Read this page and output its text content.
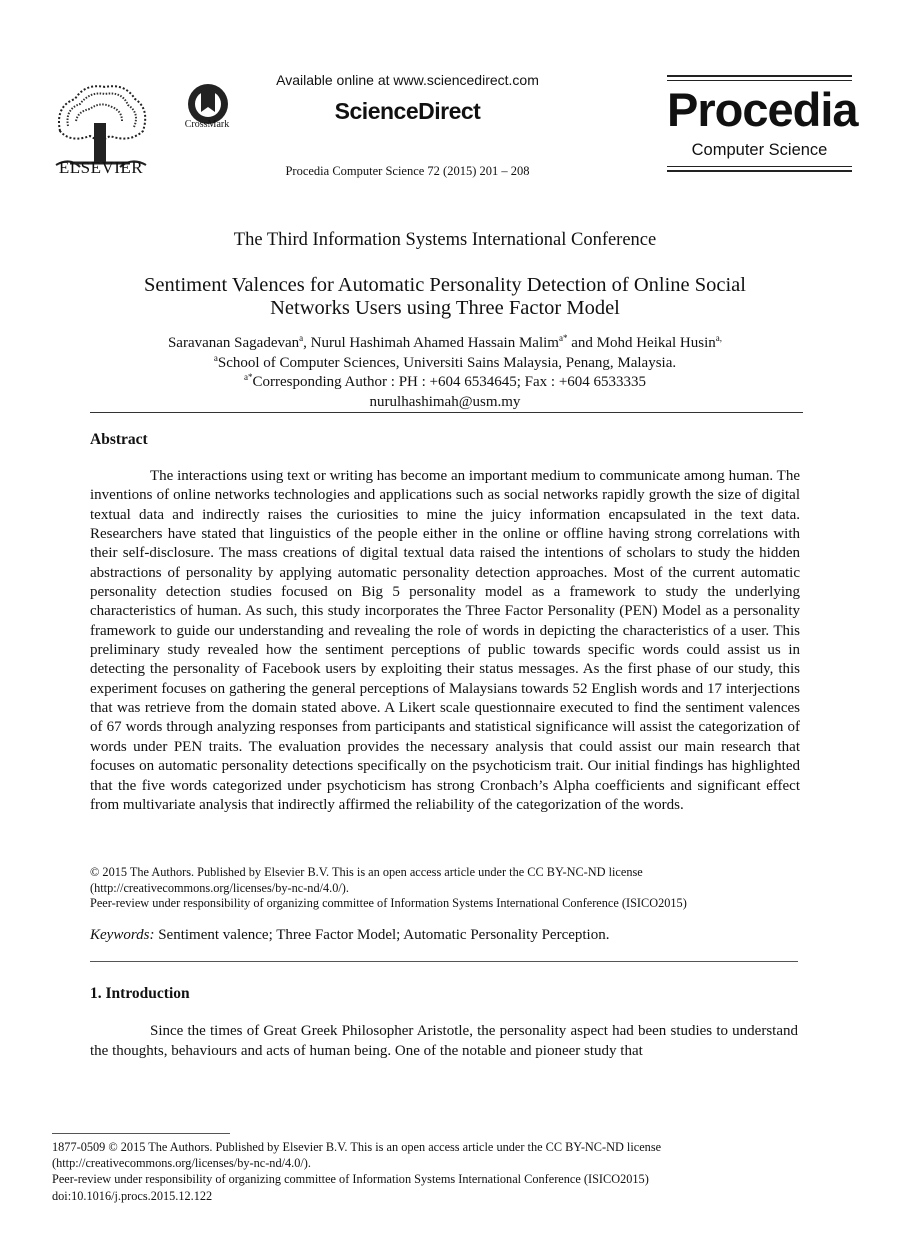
ELSEVIER
CrossMark
Available online at www.sciencedirect.com
ScienceDirect
Procedia Computer Science 72 (2015) 201 – 208
Procedia
Computer Science
The Third Information Systems International Conference
Sentiment Valences for Automatic Personality Detection of Online Social
Networks Users using Three Factor Model
Saravanan Sagadevan$^a$, Nurul Hashimah Ahamed Hassain Malim$^{a*}$ and Mohd Heikal Husin$^{a,}$
$^a$School of Computer Sciences, Universiti Sains Malaysia, Penang, Malaysia.
$^{a*}$Corresponding Author : PH : +604 6534645; Fax : +604 6533335
nurulhashimah@usm.my
Abstract

The interactions using text or writing has become an important medium to communicate among human. The inventions of online networks technologies and applications such as social networks rapidly growth the size of digital textual data and indirectly raises the curiosities to mine the juicy information encapsulated in the text data. Researchers have stated that linguistics of the people either in the online or offline having strong correlations with their self-disclosure. The mass creations of digital textual data raised the intentions of scholars to study the hidden abstractions of personality by applying automatic personality detection approaches. Most of the current automatic personality detection studies focused on Big 5 personality model as a framework to study the underlying characteristics of human. As such, this study incorporates the Three Factor Personality (PEN) Model as a personality framework to guide our understanding and revealing the role of words in depicting the characteristics of a user. This preliminary study revealed how the sentiment perceptions of public towards specific words could assist us in detecting the personality of Facebook users by exploiting their status messages. As the first phase of our study, this experiment focuses on gathering the general perceptions of Malaysians towards 52 English words and 17 interjections that was retrieve from the domain stated above. A Likert scale questionnaire executed to find the sentiment valences of 67 words through analyzing responses from participants and statistical significance will assist the categorization of words under PEN traits. The evaluation provides the necessary analysis that could assist our main research that focuses on automatic personality detections specifically on the psychoticism trait. Our initial findings has highlighted that the five words categorized under psychoticism has strong Cronbach’s Alpha coefficients and significant effect from multivariate analysis that indirectly affirmed the reliability of the categorization of the words.

© 2015 The Authors. Published by Elsevier B.V. This is an open access article under the CC BY-NC-ND license
(http://creativecommons.org/licenses/by-nc-nd/4.0/).
Peer-review under responsibility of organizing committee of Information Systems International Conference (ISICO2015)
Keywords: Sentiment valence; Three Factor Model; Automatic Personality Perception.
1. Introduction

Since the times of Great Greek Philosopher Aristotle, the personality aspect had been studies to understand the thoughts, behaviours and acts of human being. One of the notable and pioneer study that

1877-0509 © 2015 The Authors. Published by Elsevier B.V. This is an open access article under the CC BY-NC-ND license
(http://creativecommons.org/licenses/by-nc-nd/4.0/).
Peer-review under responsibility of organizing committee of Information Systems International Conference (ISICO2015)
doi:10.1016/j.procs.2015.12.122
